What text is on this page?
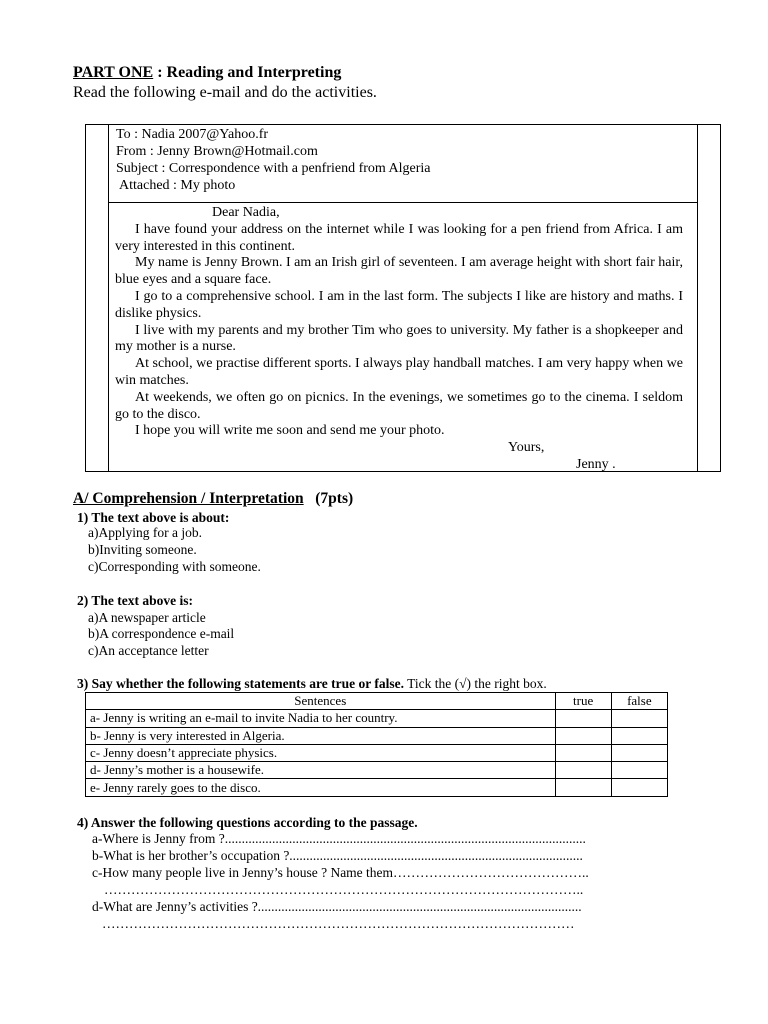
PART ONE : Reading and Interpreting
Read the following e-mail and do the activities.
To : Nadia 2007@Yahoo.fr
From : Jenny Brown@Hotmail.com
Subject : Correspondence with a penfriend from Algeria
Attached : My photo

Dear Nadia,

I have found your address on the internet while I was looking for a pen friend from Africa. I am very interested in this continent.

My name is Jenny Brown. I am an Irish girl of seventeen. I am average height with short fair hair, blue eyes and a square face.

I go to a comprehensive school. I am in the last form. The subjects I like are history and maths. I dislike physics.

I live with my parents and my brother Tim who goes to university. My father is a shopkeeper and my mother is a nurse.

At school, we practise different sports. I always play handball matches. I am very happy when we win matches.

At weekends, we often go on picnics. In the evenings, we sometimes go to the cinema. I seldom go to the disco.

I hope you will write me soon and send me your photo.

Yours,

Jenny .

A/ Comprehension / Interpretation (7pts)
1) The text above is about:
a)Applying for a job.
b)Inviting someone.
c)Corresponding with someone.
2) The text above is:
a)A newspaper article
b)A correspondence e-mail
c)An acceptance letter
3) Say whether the following statements are true or false. Tick the (√) the right box.
Sentences	true	false
a- Jenny is writing an e-mail to invite Nadia to her country.		
b- Jenny is very interested in Algeria.		
c- Jenny doesn’t appreciate physics.		
d- Jenny’s mother is a housewife.		
e- Jenny rarely goes to the disco.		
4) Answer the following questions according to the passage.
a-Where is Jenny from ?...........................................................................................................
b-What is her brother’s occupation ?.......................................................................................
c-How many people live in Jenny’s house ? Name them……………………………………..
……………………………………………………………………………………………..
d-What are Jenny’s activities ?................................................................................................
……………………………………………………………………………………………
